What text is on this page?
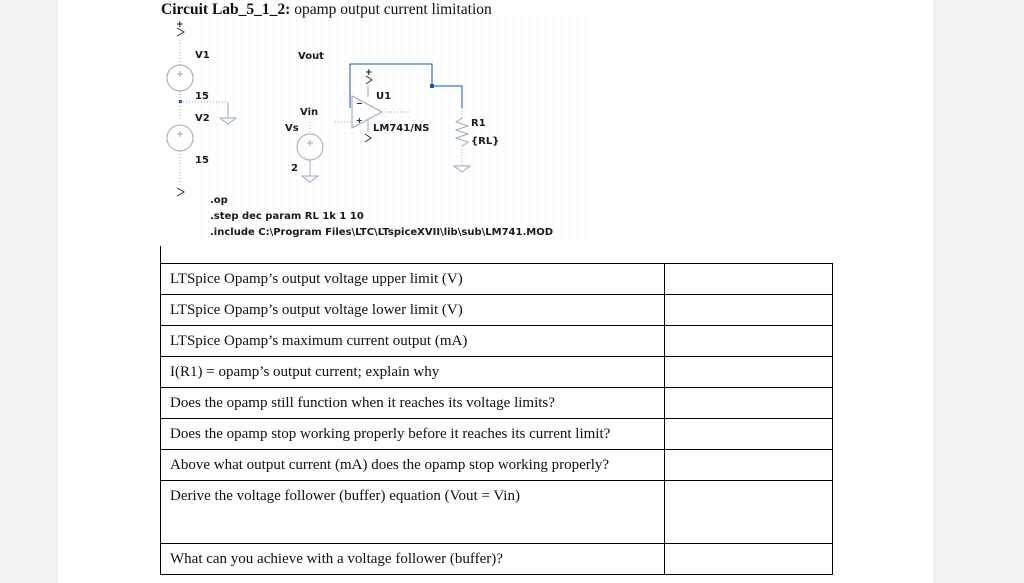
Circuit Lab_5_1_2: opamp output current limitation
+
V1
15
V2
15
Vout
+
U1
−
+
Vin
LM741/NS
Vs
2
R1
{RL}
.op
.step dec param RL 1k 1 10
.include C:\Program Files\LTC\LTspiceXVII\lib\sub\LM741.MOD
LTSpice Opamp’s output voltage upper limit (V)	
LTSpice Opamp’s output voltage lower limit (V)	
LTSpice Opamp’s maximum current output (mA)	
I(R1) = opamp’s output current; explain why	
Does the opamp still function when it reaches its voltage limits?	
Does the opamp stop working properly before it reaches its current limit?	
Above what output current (mA) does the opamp stop working properly?	
Derive the voltage follower (buffer) equation (Vout = Vin)	
What can you achieve with a voltage follower (buffer)?	
